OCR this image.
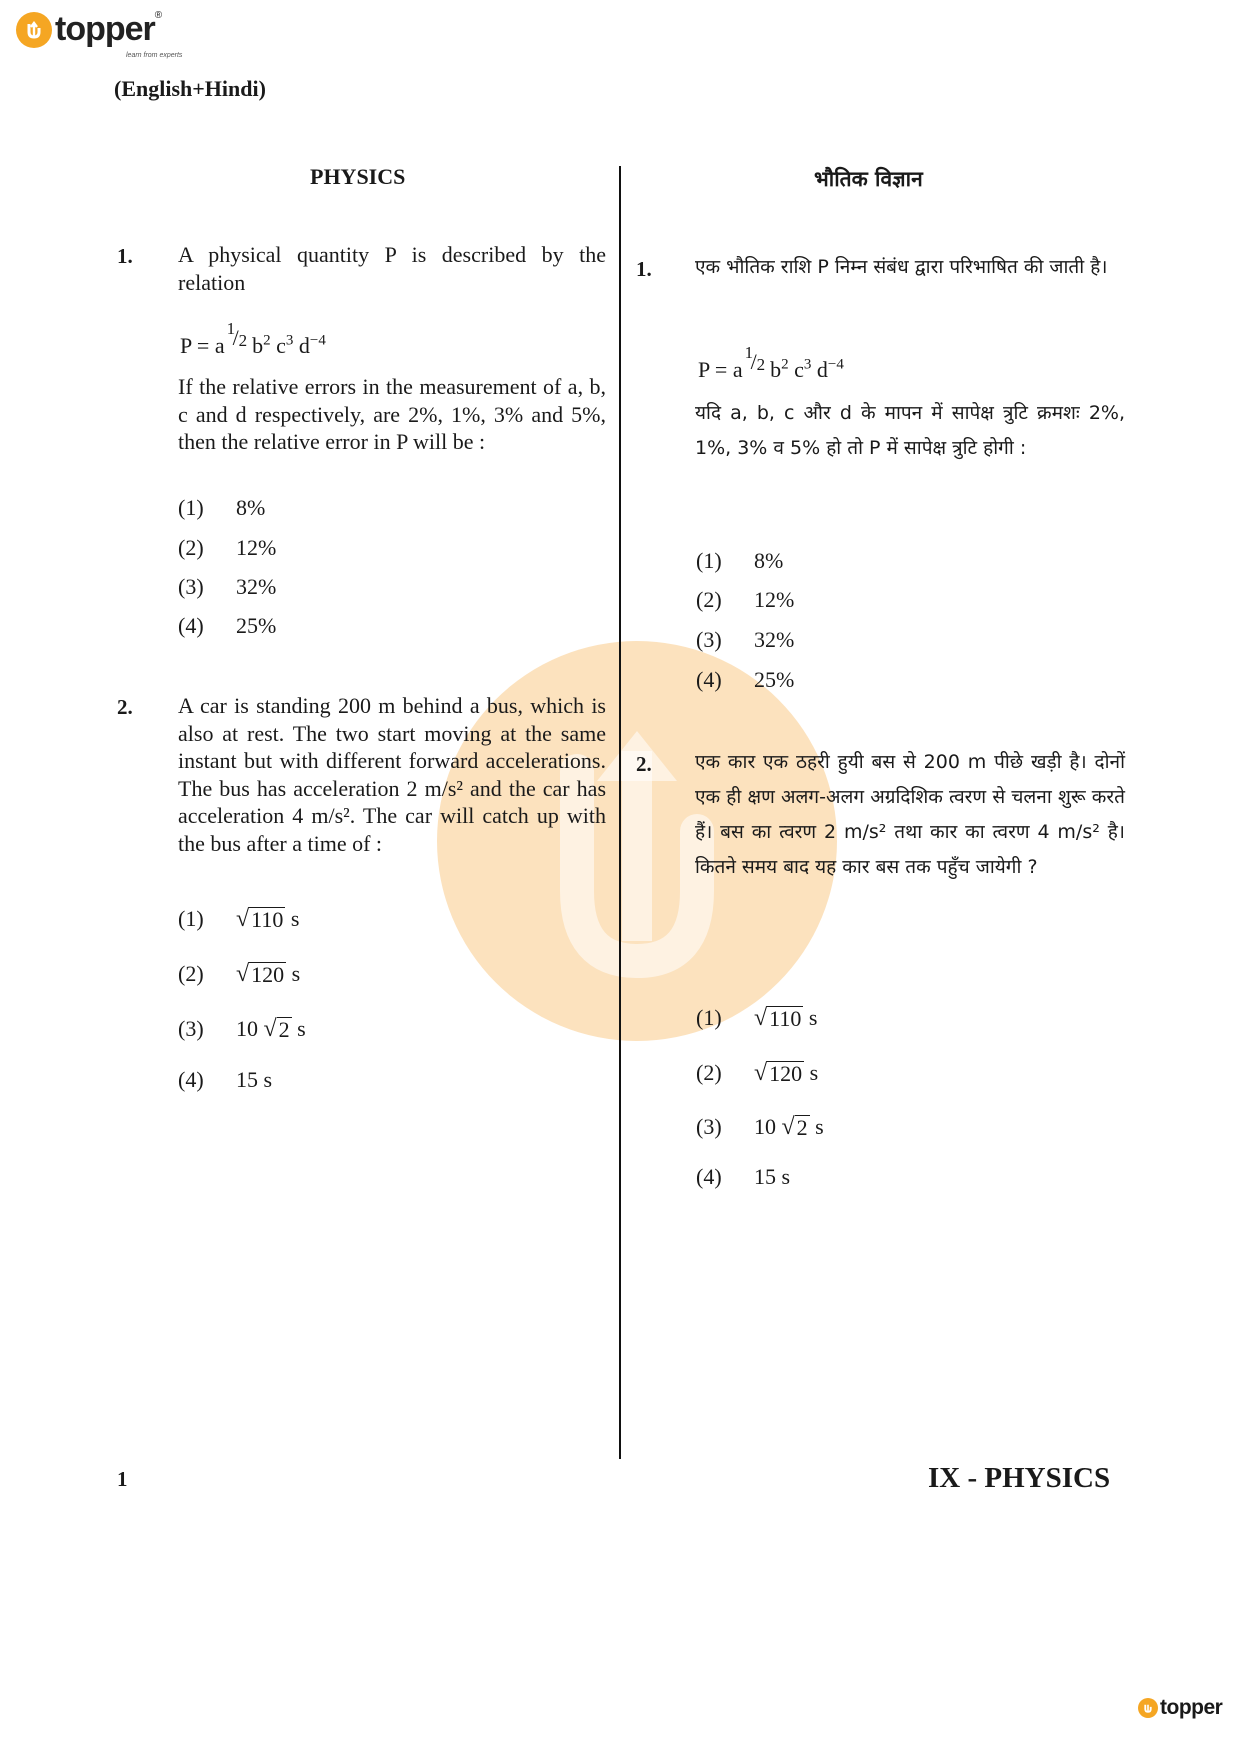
topper ®
learn from experts
(English+Hindi)
PHYSICS
1. A physical quantity P is described by the relation
P = a
1
/ 2 $b^2$ $c^3$ $d^{-4}$
If the relative errors in the measurement of a, b, c and d respectively, are 2%, 1%, 3% and 5%, then the relative error in P will be :
(1)	8%
(2)	12%
(3)	32%
(4)	25%
2. A car is standing 200 m behind a bus, which is also at rest. The two start moving at the same instant but with different forward accelerations. The bus has acceleration 2 m/s² and the car has acceleration 4 m/s². The car will catch up with the bus after a time of :
(1)	√ 110
s
(2)	√ 120
s
(3)	10
√ 2
s
(4)	15 s
भौतिक विज्ञान
1. एक भौतिक राशि P निम्न संबंध द्वारा परिभाषित की जाती है।
P = a
1
/ 2 $b^2$ $c^3$ $d^{-4}$
यदि a, b, c और d के मापन में सापेक्ष त्रुटि क्रमशः 2%, 1%, 3% व 5% हो तो P में सापेक्ष त्रुटि होगी :
(1)	8%
(2)	12%
(3)	32%
(4)	25%
2. एक कार एक ठहरी हुयी बस से 200 m पीछे खड़ी है। दोनों एक ही क्षण अलग-अलग अग्रदिशिक त्वरण से चलना शुरू करते हैं। बस का त्वरण 2 m/s² तथा कार का त्वरण 4 m/s² है। कितने समय बाद यह कार बस तक पहुँच जायेगी ?
(1)	√ 110
s
(2)	√ 120
s
(3)	10
√ 2
s
(4)	15 s
1	IX - PHYSICS
topper
